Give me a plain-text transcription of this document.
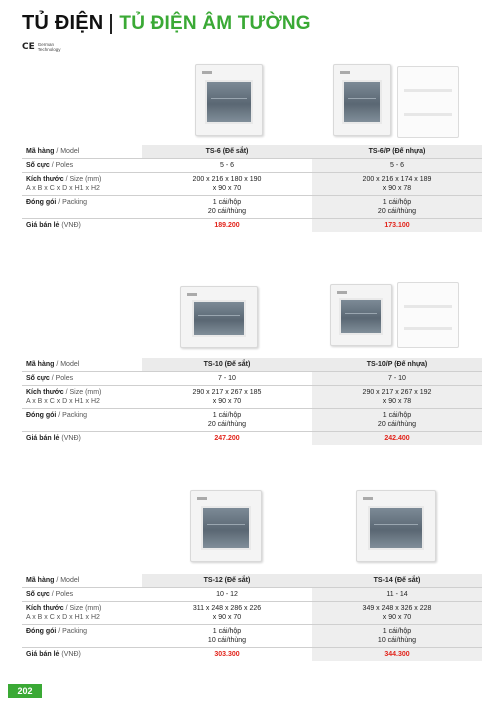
TỦ ĐIỆN TỦ ĐIỆN ÂM TƯỜNG
CE German
Technology
Mã hàng / Model	TS-6 (Đế sắt)	TS-6/P (Đế nhựa)
Số cực / Poles	5 - 6	5 - 6
Kích thước / Size (mm)
A x B x C x D x H1 x H2	200 x 216 x 180 x 190
x 90 x 70	200 x 216 x 174 x 189
x 90 x 78
Đóng gói / Packing	1 cái/hộp
20 cái/thùng	1 cái/hộp
20 cái/thùng
Giá bán lẻ (VNĐ)	189.200	173.100
Mã hàng / Model	TS-10 (Đế sắt)	TS-10/P (Đế nhựa)
Số cực / Poles	7 - 10	7 - 10
Kích thước / Size (mm)
A x B x C x D x H1 x H2	290 x 217 x 267 x 185
x 90 x 70	290 x 217 x 267 x 192
x 90 x 78
Đóng gói / Packing	1 cái/hộp
20 cái/thùng	1 cái/hộp
20 cái/thùng
Giá bán lẻ (VNĐ)	247.200	242.400
Mã hàng / Model	TS-12 (Đế sắt)	TS-14 (Đế sắt)
Số cực / Poles	10 - 12	11 - 14
Kích thước / Size (mm)
A x B x C x D x H1 x H2	311 x 248 x 286 x 226
x 90 x 70	349 x 248 x 326 x 228
x 90 x 70
Đóng gói / Packing	1 cái/hộp
10 cái/thùng	1 cái/hộp
10 cái/thùng
Giá bán lẻ (VNĐ)	303.300	344.300
202
